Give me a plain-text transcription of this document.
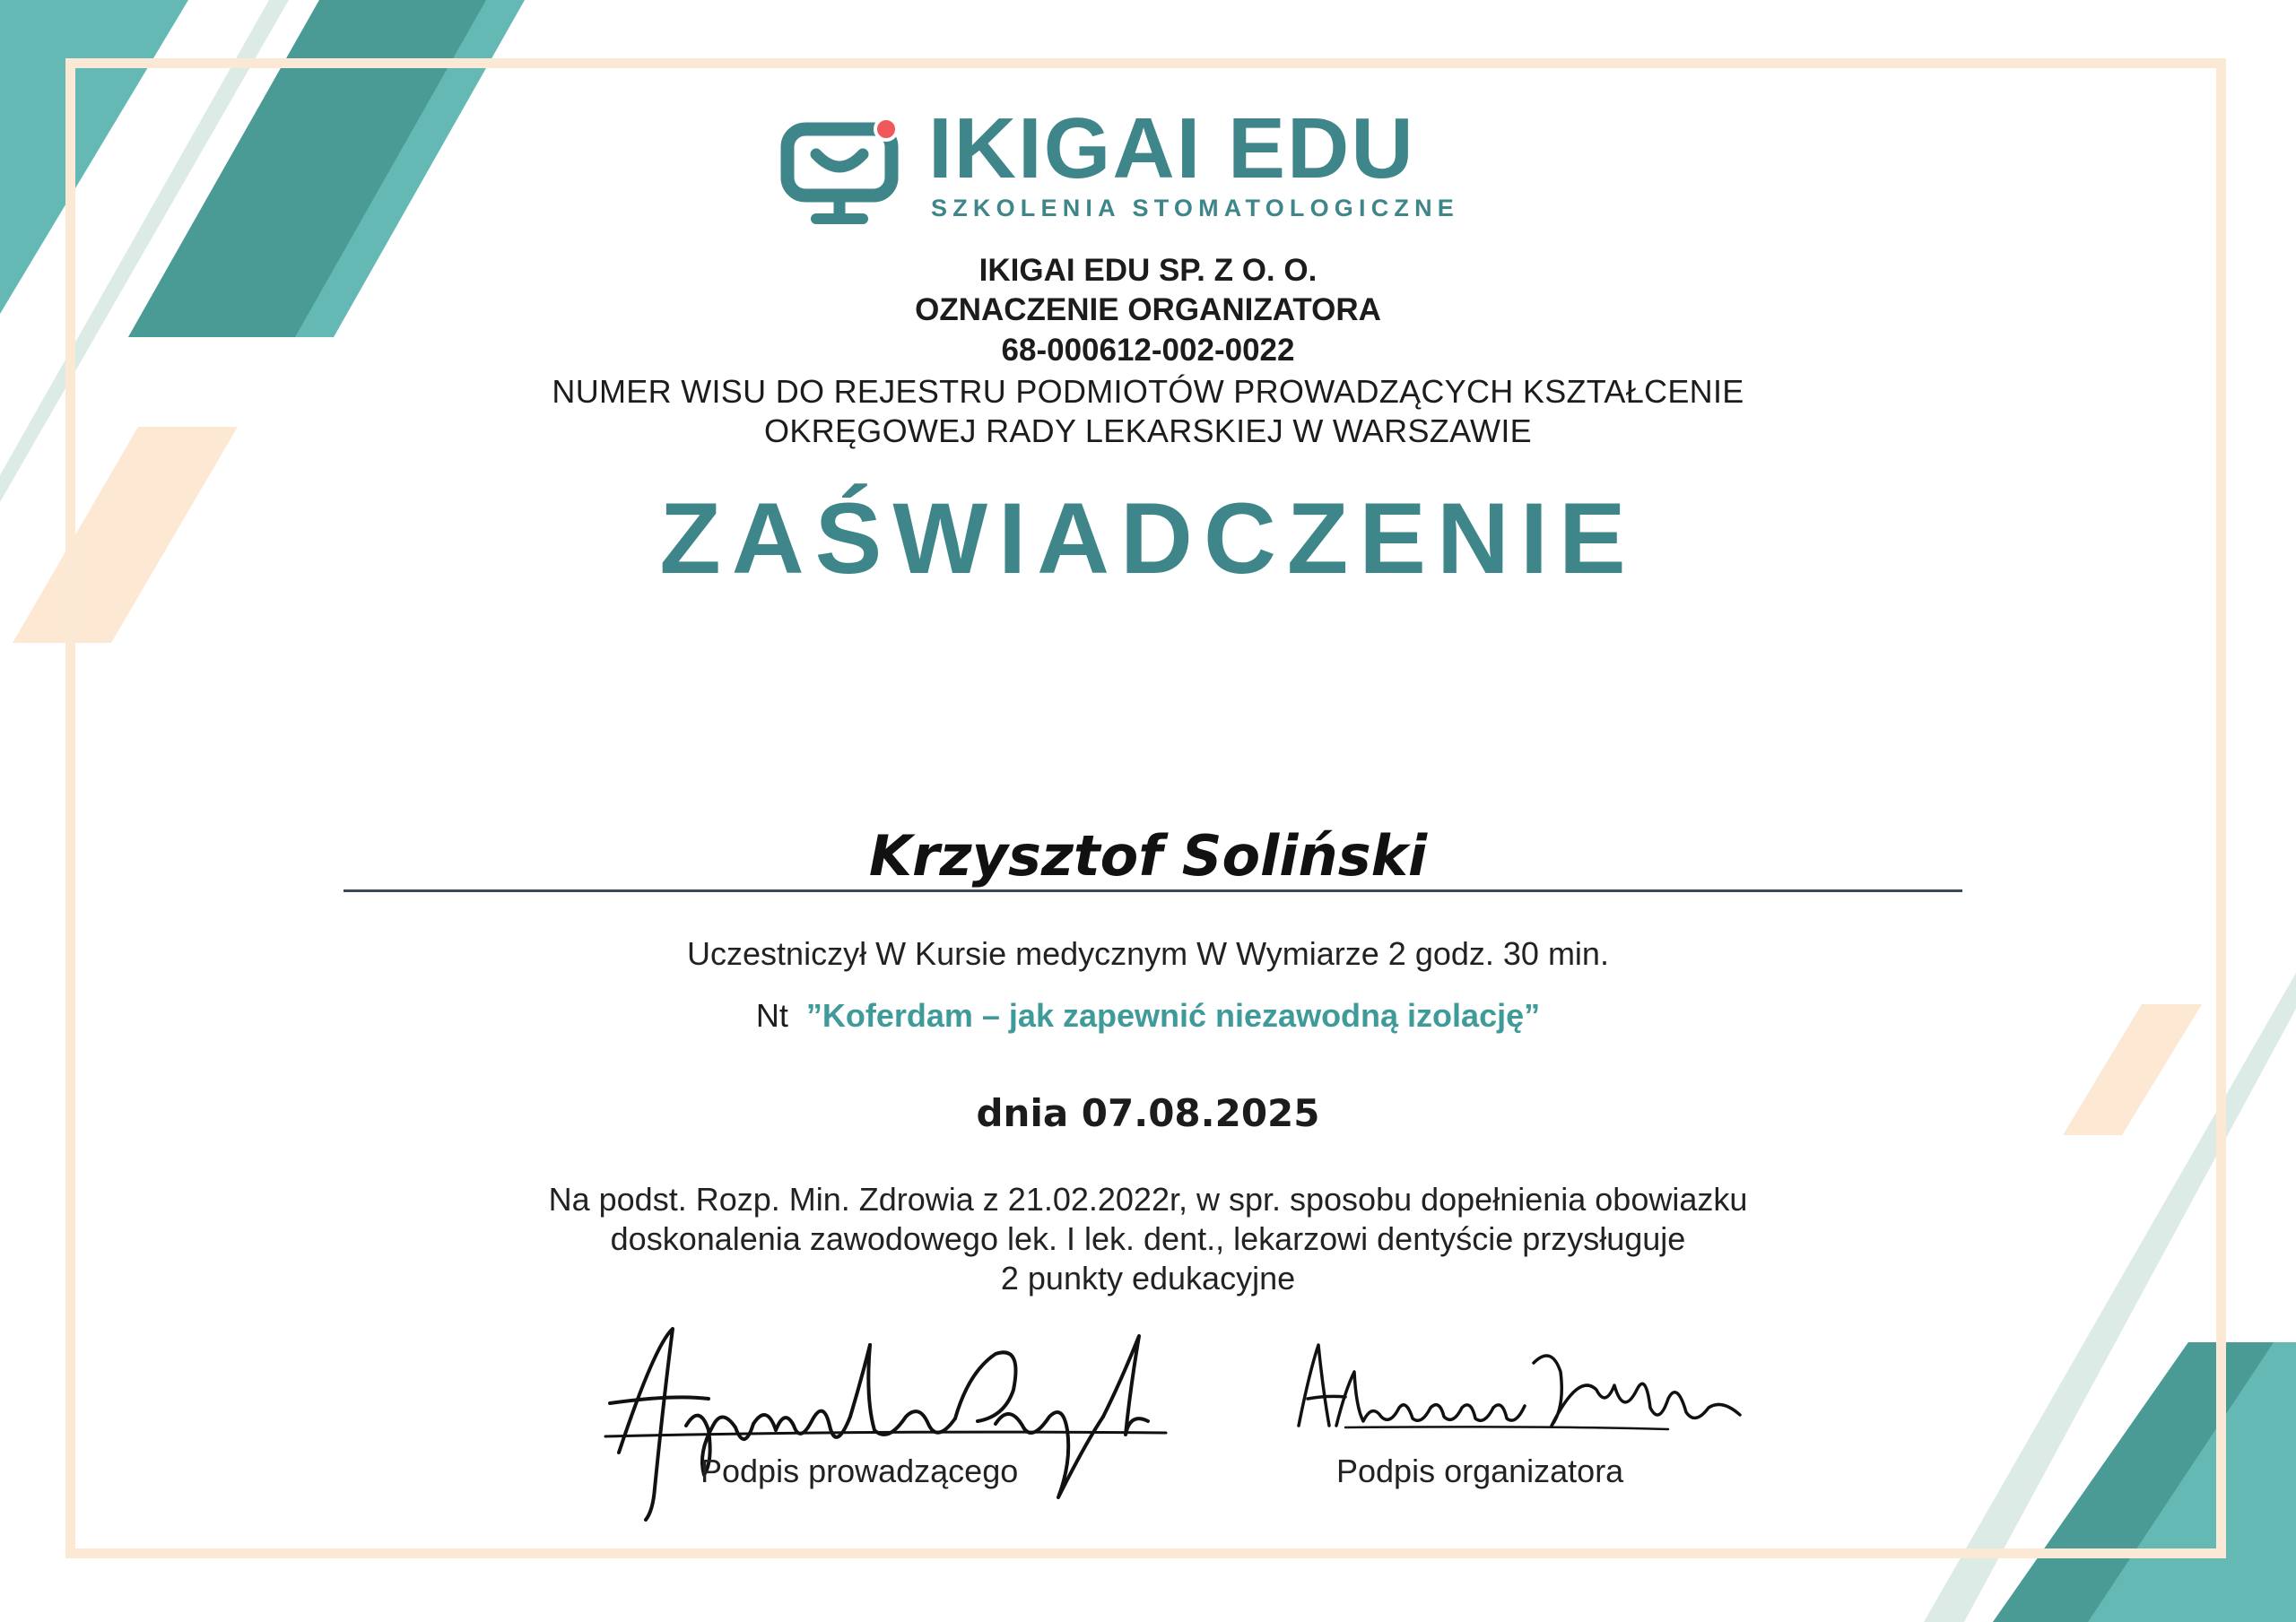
IKIGAI EDU
SZKOLENIA STOMATOLOGICZNE
IKIGAI EDU SP. Z O. O.
OZNACZENIE ORGANIZATORA
68-000612-002-0022
NUMER WISU DO REJESTRU PODMIOTÓW PROWADZĄCYCH KSZTAŁCENIE
OKRĘGOWEJ RADY LEKARSKIEJ W WARSZAWIE
ZAŚWIADCZENIE
Krzysztof Soliński
Uczestniczył W Kursie medycznym W Wymiarze 2 godz. 30 min.
Nt ”Koferdam – jak zapewnić niezawodną izolację”
dnia 07.08.2025
Na podst. Rozp. Min. Zdrowia z 21.02.2022r, w spr. sposobu dopełnienia obowiazku
doskonalenia zawodowego lek. I lek. dent., lekarzowi dentyście przysługuje
2 punkty edukacyjne
Podpis prowadzącego	Podpis organizatora
